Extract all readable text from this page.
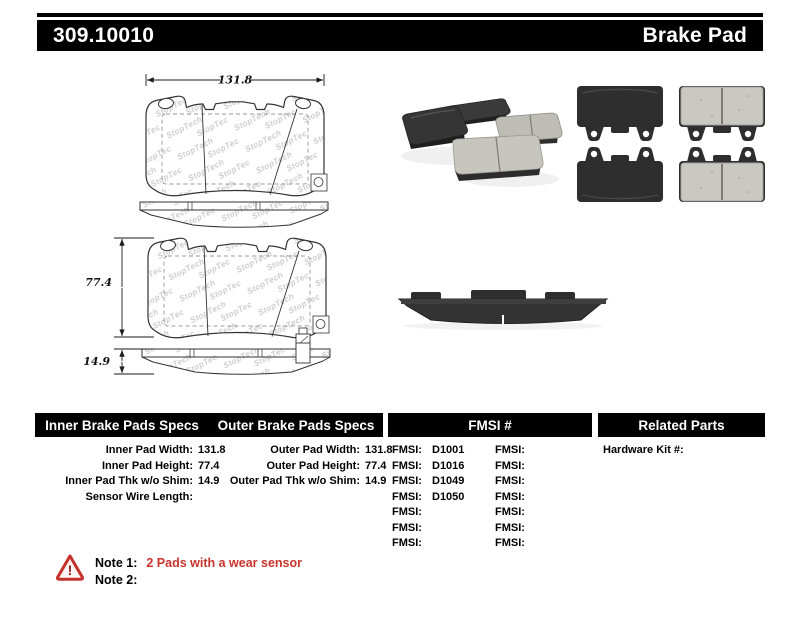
309.10010	Brake Pad
131.8
77.4
14.9
Inner Brake Pads Specs	Outer Brake Pads Specs	FMSI #	Related Parts
Inner Pad Width: 131.8
Inner Pad Height: 77.4
Inner Pad Thk w/o Shim: 14.9
Sensor Wire Length:
Outer Pad Width: 131.8
Outer Pad Height: 77.4
Outer Pad Thk w/o Shim: 14.9
FMSI: D1001
FMSI: D1016
FMSI: D1049
FMSI: D1050
FMSI:
FMSI:
FMSI:
FMSI:
FMSI:
FMSI:
FMSI:
FMSI:
FMSI:
FMSI:
Hardware Kit #:
! Note 1: 2 Pads with a wear sensor
Note 2:
